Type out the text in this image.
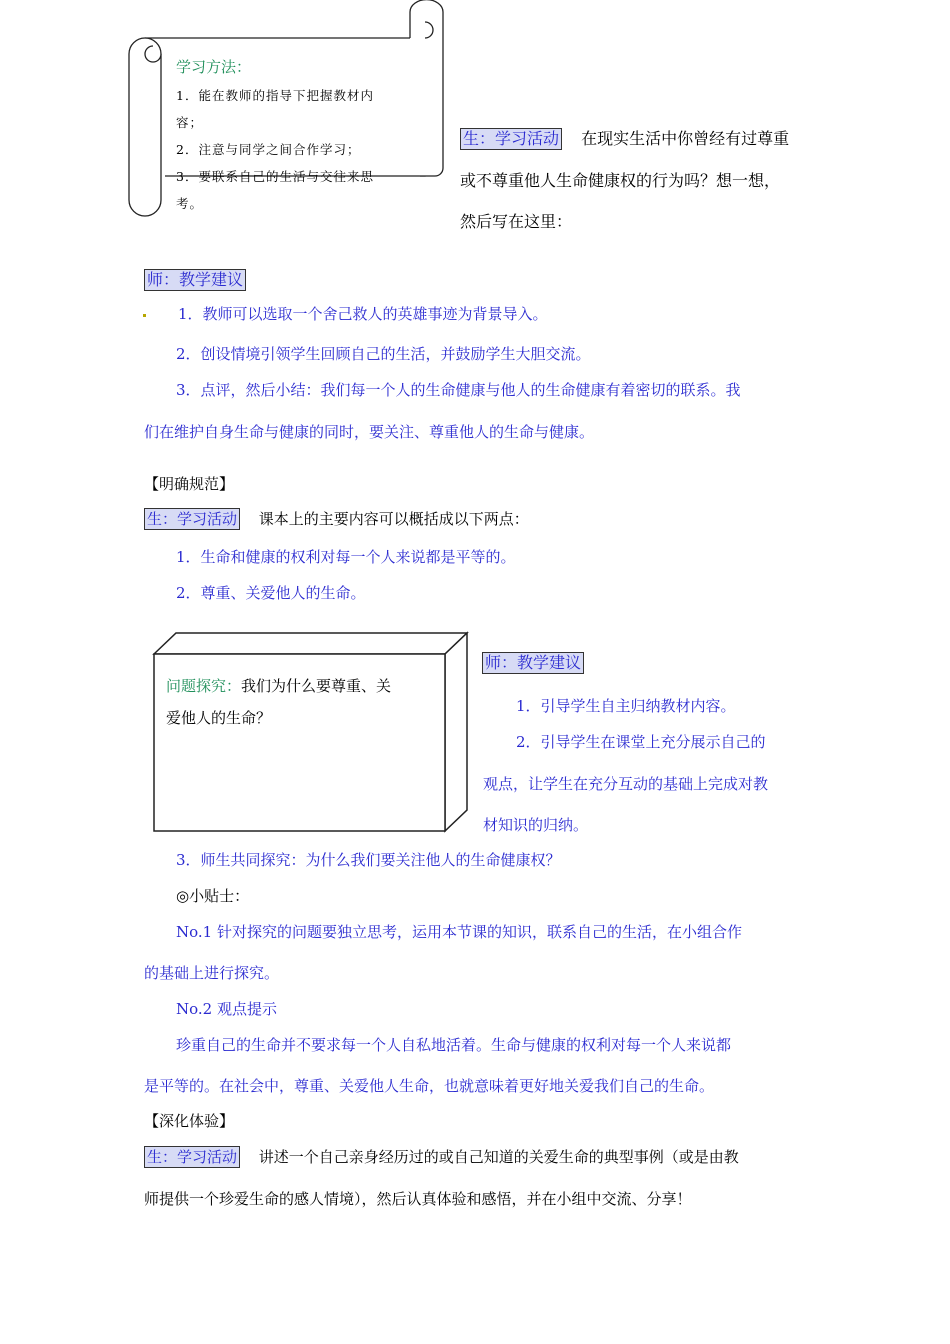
学习方法：
1．能在教师的指导下把握教材内
容；
2．注意与同学之间合作学习；
3．要联系自己的生活与交往来思
考。
生：学习活动 在现实生活中你曾经有过尊重
或不尊重他人生命健康权的行为吗？想一想，
然后写在这里：
师：教学建议
1．教师可以选取一个舍己救人的英雄事迹为背景导入。
2．创设情境引领学生回顾自己的生活，并鼓励学生大胆交流。
3．点评，然后小结：我们每一个人的生命健康与他人的生命健康有着密切的联系。我
们在维护自身生命与健康的同时，要关注、尊重他人的生命与健康。
【明确规范】
生：学习活动 课本上的主要内容可以概括成以下两点：
1．生命和健康的权利对每一个人来说都是平等的。
2．尊重、关爱他人的生命。
问题探究：我们为什么要尊重、关
爱他人的生命？
师：教学建议
1．引导学生自主归纳教材内容。
2．引导学生在课堂上充分展示自己的
观点，让学生在充分互动的基础上完成对教
材知识的归纳。
3．师生共同探究：为什么我们要关注他人的生命健康权？
◎小贴士：
No.1 针对探究的问题要独立思考，运用本节课的知识，联系自己的生活，在小组合作
的基础上进行探究。
No.2 观点提示
珍重自己的生命并不要求每一个人自私地活着。生命与健康的权利对每一个人来说都
是平等的。在社会中，尊重、关爱他人生命，也就意味着更好地关爱我们自己的生命。
【深化体验】
生：学习活动 讲述一个自己亲身经历过的或自己知道的关爱生命的典型事例（或是由教
师提供一个珍爱生命的感人情境），然后认真体验和感悟，并在小组中交流、分享！
